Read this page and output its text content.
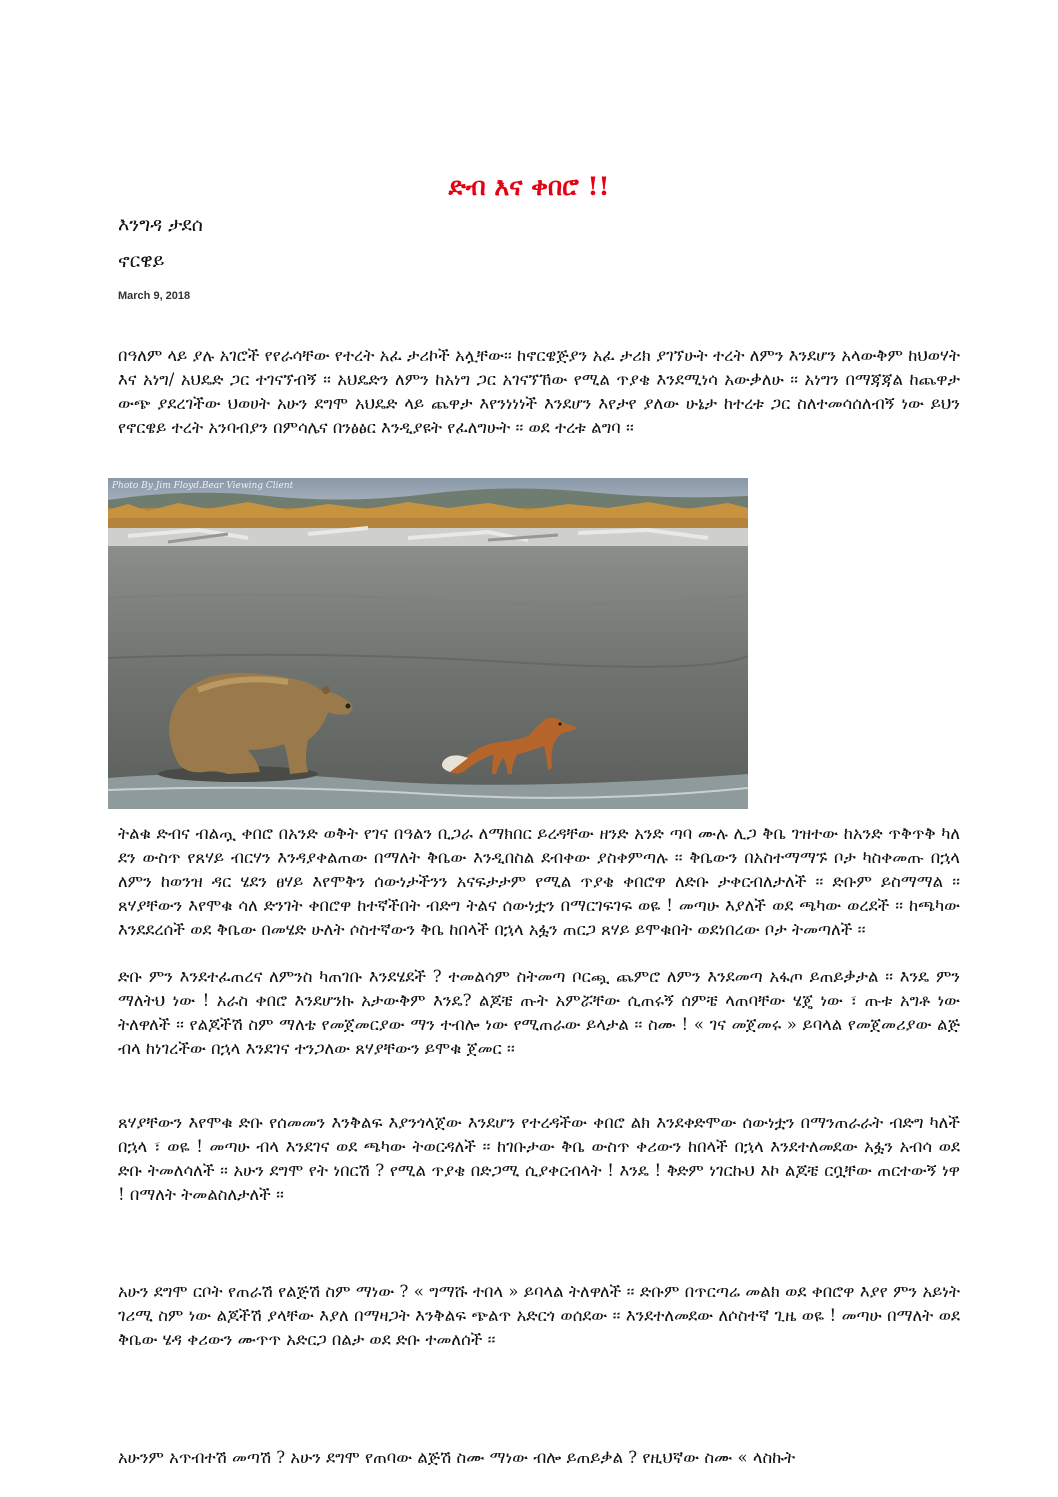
ድብ እና ቀበሮ !!

እንግዳ ታደሰ

ኖርዌይ

March 9, 2018

በዓለም ላይ ያሉ አገሮች የየራሳቸው የተረት አፈ ታሪኮች አሏቸው፡፡ ከኖርዌጅያን አፈ ታሪክ ያገኘሁት ተረት ለምን እንደሆን አላውቅም ከህወሃት እና አነግ/ አህዴድ ጋር ተገናኘብኝ ፡፡ አህዴድን ለምን ከአነግ ጋር አገናኘኸው የሚል ጥያቄ እንደሚነሳ አውቃለሁ ፡፡ አነግን በማጃጃል ከጨዋታ ውጭ ያደረገችው ህወሀት አሁን ደግሞ አህዴድ ላይ ጨዋታ እየንነነነች እንደሆን እየታየ ያለው ሁኔታ ከተረቱ ጋር ስለተመሳሰለብኝ ነው ይህን የኖርዌይ ተረት አንባብያን በምሳሌና በንፅፅር እንዲያዩት የፈለግሁት ፡፡ ወደ ተረቱ ልግባ ፡፡

Photo By Jim Floyd.Bear Viewing Client

ትልቁ ድብና ብልጧ ቀበሮ በአንድ ወቅት የገና በዓልን ቢጋራ ለማክበር ይረዳቸው ዘንድ አንድ ጣባ ሙሉ ሊጋ ቅቤ ገዝተው ከአንድ ጥቅጥቅ ካለ ደን ውስጥ የጸሃይ ብርሃን እንዳያቀልጠው በማለት ቅቤው እንዲበስል ደብቀው ያስቀምጣሉ ፡፡ ቅቤውን በአስተማማኙ ቦታ ካስቀመጡ በኋላ ለምን ከወንዝ ዳር ሄደን ፀሃይ እየሞቅን ሰውነታችንን አናፍታታም የሚል ጥያቄ ቀበሮዋ ለድቡ ታቀርብለታለች ፡፡ ድቡም ይስማማል ፡፡ ጸሃያቸውን እየሞቁ ሳለ ድንገት ቀበሮዋ ከተኛችበት ብድግ ትልና ሰውነቷን በማርገፍገፍ ወዬ ! መጣሁ እያለች ወደ ጫካው ወረደች ፡፡ ከጫካው እንደደረሰች ወደ ቅቤው በመሄድ ሁለት ሶስተኛውን ቅቤ ከበላች በኋላ አፏን ጠርጋ ጸሃይ ይሞቁበት ወደነበረው ቦታ ትመጣለች ፡፡

ድቡ ምን እንደተፈጠረና ለምንስ ካጠገቡ እንደሄደች ? ተመልሳም ስትመጣ ቦርጯ ጨምሮ ለምን እንደመጣ አፋጦ ይጠይቃታል ፡፡ እንዴ ምን ማለትህ ነው ! አራስ ቀበሮ እንደሆንኩ አታውቅም እንዴ? ልጆቼ ጡት አምሯቸው ሲጠሩኝ ሰምቼ ላጠባቸው ሄጄ ነው ፣ ጡቱ አግቶ ነው ትለዋለች ፡፡ የልጆችሽ ስም ማለቴ የመጀመርያው ማን ተብሎ ነው የሚጠራው ይላታል ፡፡ ስሙ ! « ገና መጀመሩ » ይባላል የመጀመሪያው ልጅ ብላ ከነገረችው በኋላ እንደገና ተንጋለው ጸሃያቸውን ይሞቁ ጀመር ፡፡

ጸሃያቸውን እየሞቁ ድቡ የሰመመን እንቅልፍ እያንጎላጀው እንደሆን የተረዳችው ቀበሮ ልክ እንደቀድሞው ሰውነቷን በማንጠራራት ብድግ ካለች በኋላ ፣ ወዬ ! መጣሁ ብላ እንደገና ወደ ጫካው ትወርዳለች ፡፡ ከገቡታው ቅቤ ውስጥ ቀሪውን ከበላች በኋላ እንደተለመደው አፏን አብሳ ወደ ድቡ ትመለሳለች ፡፡ አሁን ደግሞ የት ነበርሽ ? የሚል ጥያቄ በድጋሚ ሲያቀርብላት ! እንዴ ! ቅድም ነገርኩህ እኮ ልጆቼ ርቧቸው ጠርተውኝ ነዋ ! በማለት ትመልስለታለች ፡፡

አሁን ደግሞ ርቦት የጠራሽ የልጅሽ ስም ማነው ? « ግማሹ ተበላ » ይባላል ትለዋለች ፡፡ ድቡም በጥርጣሬ መልክ ወደ ቀበሮዋ እያየ ምን አይነት ገሪሚ ስም ነው ልጆችሽ ያላቸው እያለ በማዛጋት እንቅልፍ ጭልጥ አድርጎ ወሰደው ፡፡ እንደተለመደው ለሶስተኛ ጊዜ ወዬ ! መጣሁ በማለት ወደ ቅቤው ሄዳ ቀሪውን ሙጥጥ አድርጋ በልታ ወደ ድቡ ተመለሰች ፡፡

አሁንም አጥብተሽ መጣሽ ? አሁን ደግሞ የጠባው ልጅሽ ስሙ ማነው ብሎ ይጠይቃል ? የዚህኛው ስሙ « ላስኩት
